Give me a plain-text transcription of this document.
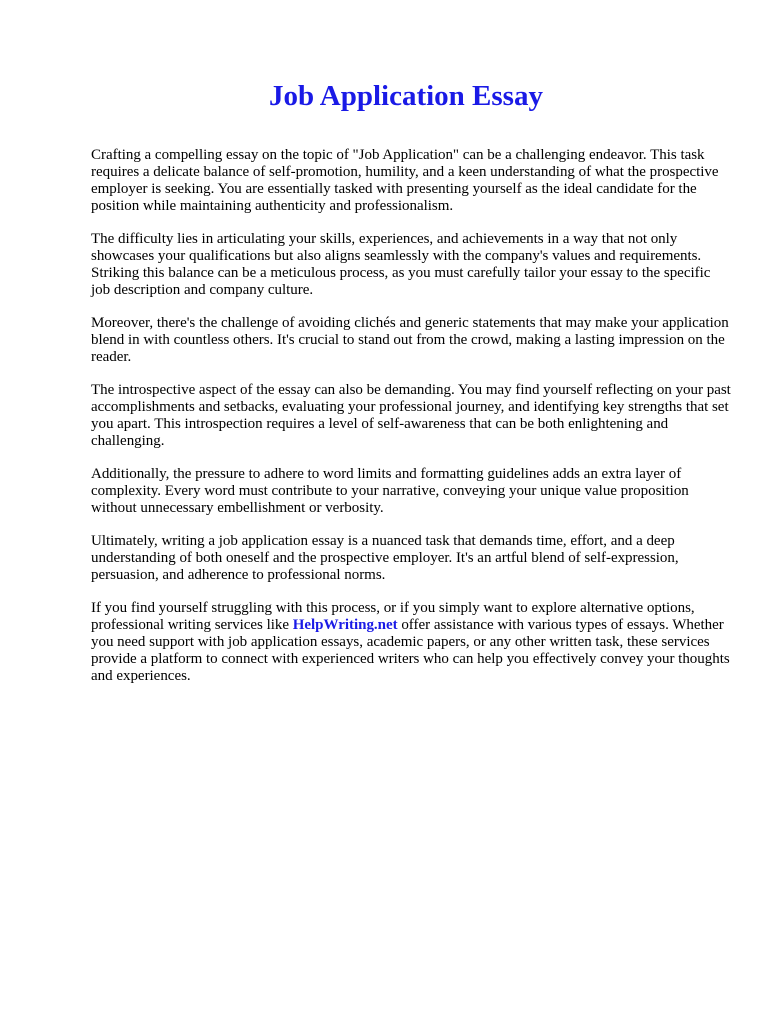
Job Application Essay

Crafting a compelling essay on the topic of "Job Application" can be a challenging endeavor. This task requires a delicate balance of self-promotion, humility, and a keen understanding of what the prospective employer is seeking. You are essentially tasked with presenting yourself as the ideal candidate for the position while maintaining authenticity and professionalism.

The difficulty lies in articulating your skills, experiences, and achievements in a way that not only showcases your qualifications but also aligns seamlessly with the company's values and requirements. Striking this balance can be a meticulous process, as you must carefully tailor your essay to the specific job description and company culture.

Moreover, there's the challenge of avoiding clichés and generic statements that may make your application blend in with countless others. It's crucial to stand out from the crowd, making a lasting impression on the reader.

The introspective aspect of the essay can also be demanding. You may find yourself reflecting on your past accomplishments and setbacks, evaluating your professional journey, and identifying key strengths that set you apart. This introspection requires a level of self-awareness that can be both enlightening and challenging.

Additionally, the pressure to adhere to word limits and formatting guidelines adds an extra layer of complexity. Every word must contribute to your narrative, conveying your unique value proposition without unnecessary embellishment or verbosity.

Ultimately, writing a job application essay is a nuanced task that demands time, effort, and a deep understanding of both oneself and the prospective employer. It's an artful blend of self-expression, persuasion, and adherence to professional norms.

If you find yourself struggling with this process, or if you simply want to explore alternative options, professional writing services like HelpWriting.net offer assistance with various types of essays. Whether you need support with job application essays, academic papers, or any other written task, these services provide a platform to connect with experienced writers who can help you effectively convey your thoughts and experiences.
